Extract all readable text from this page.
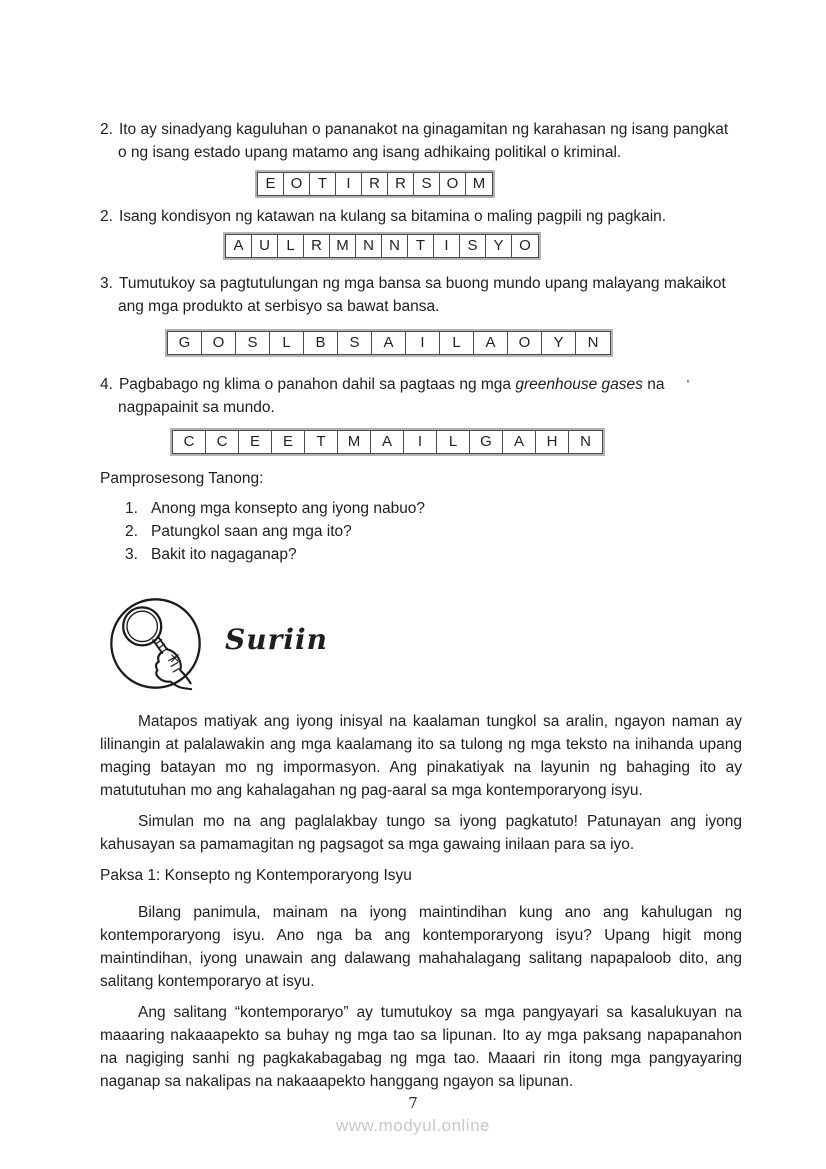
2. Ito ay sinadyang kaguluhan o pananakot na ginagamitan ng karahasan ng isang pangkat
o ng isang estado upang matamo ang isang adhikaing politikal o kriminal.
E	O	T	I	R	R	S	O M
2. Isang kondisyon ng katawan na kulang sa bitamina o maling pagpili ng pagkain.
A	U	L	R M N	N	T	I	S	Y	O
3. Tumutukoy sa pagtutulungan ng mga bansa sa buong mundo upang malayang makaikot
ang mga produkto at serbisyo sa bawat bansa.
G	O	S	L	B	S	A	I	L	A	O	Y	N
4. Pagbabago ng klima o panahon dahil sa pagtaas ng mga greenhouse gases na ‘
nagpapainit sa mundo.
C	C	E	E	T	M	A	I	L	G	A	H	N
Pamprosesong Tanong:
1. Anong mga konsepto ang iyong nabuo?
2. Patungkol saan ang mga ito?
3. Bakit ito nagaganap?
Suriin

Matapos matiyak ang iyong inisyal na kaalaman tungkol sa aralin, ngayon naman ay lilinangin at palalawakin ang mga kaalamang ito sa tulong ng mga teksto na inihanda upang maging batayan mo ng impormasyon. Ang pinakatiyak na layunin ng bahaging ito ay matututuhan mo ang kahalagahan ng pag-aaral sa mga kontemporaryong isyu.

Simulan mo na ang paglalakbay tungo sa iyong pagkatuto! Patunayan ang iyong kahusayan sa pamamagitan ng pagsagot sa mga gawaing inilaan para sa iyo.

Paksa 1: Konsepto ng Kontemporaryong Isyu

Bilang panimula, mainam na iyong maintindihan kung ano ang kahulugan ng kontemporaryong isyu. Ano nga ba ang kontemporaryong isyu? Upang higit mong maintindihan, iyong unawain ang dalawang mahahalagang salitang napapaloob dito, ang salitang kontemporaryo at isyu.

Ang salitang “kontemporaryo” ay tumutukoy sa mga pangyayari sa kasalukuyan na maaaring nakaaapekto sa buhay ng mga tao sa lipunan. Ito ay mga paksang napapanahon na nagiging sanhi ng pagkakabagabag ng mga tao. Maaari rin itong mga pangyayaring naganap sa nakalipas na nakaaapekto hanggang ngayon sa lipunan.

7
www.modyul.online
